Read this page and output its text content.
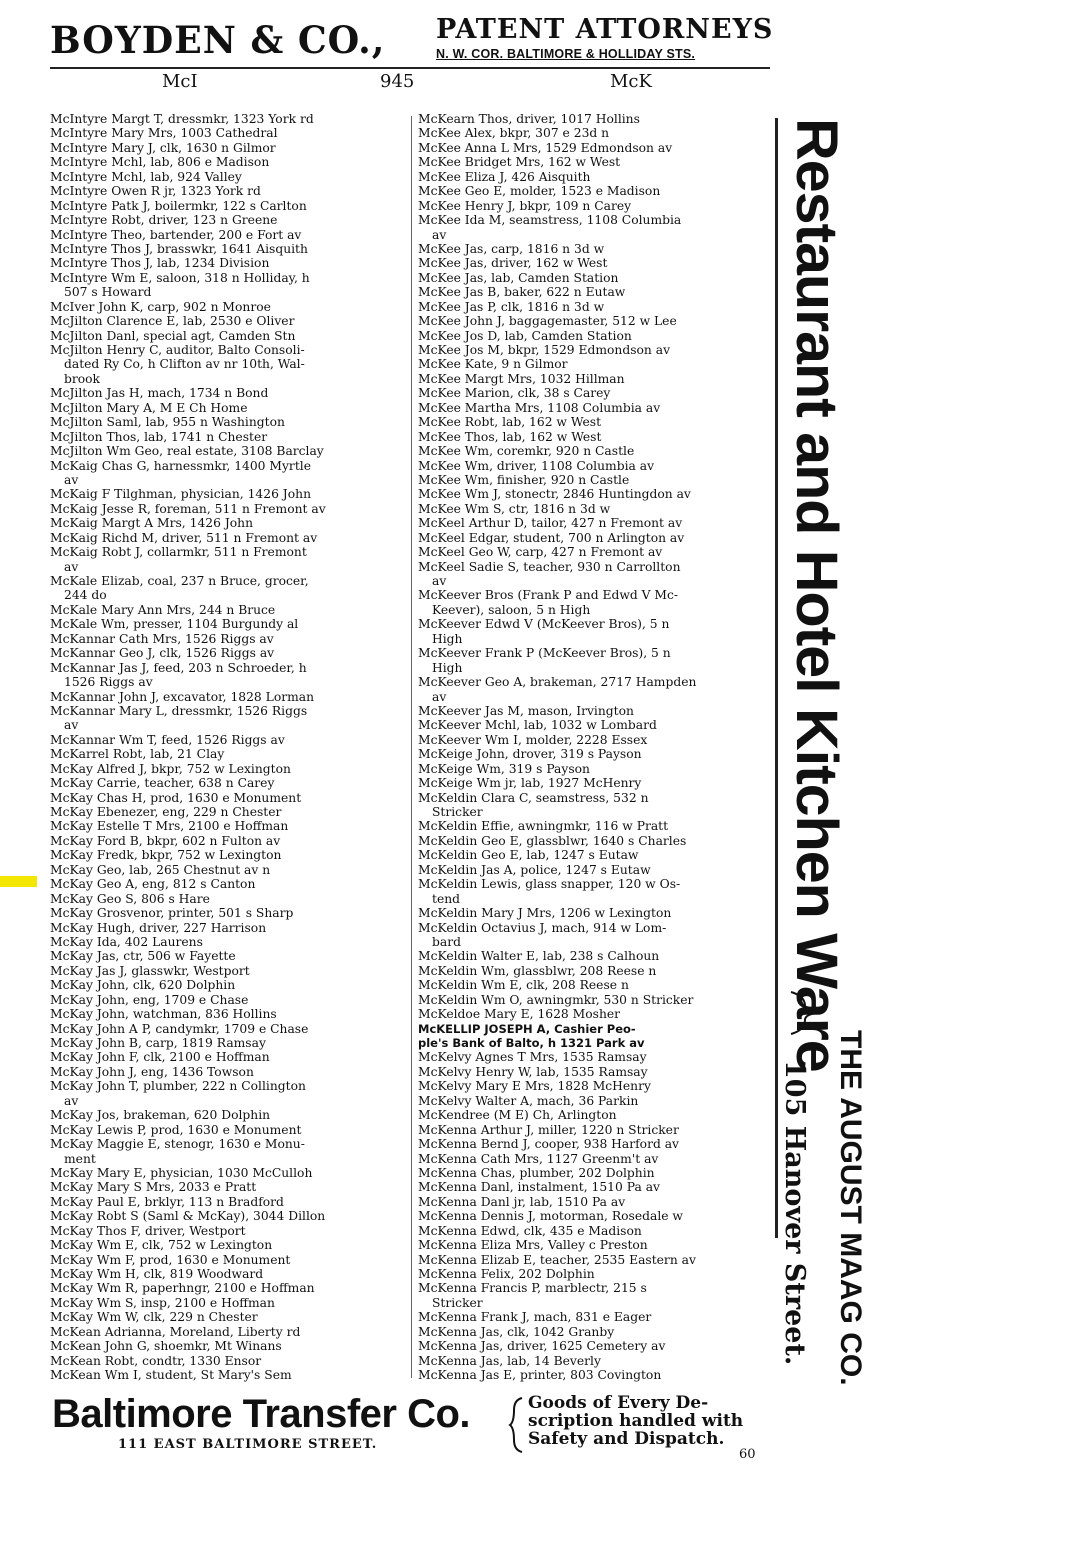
BOYDEN & CO., PATENT ATTORNEYS
N. W. COR. BALTIMORE & HOLLIDAY STS.
McI	945	McK
McIntyre Margt T, dressmkr, 1323 York rd
McIntyre Mary Mrs, 1003 Cathedral
McIntyre Mary J, clk, 1630 n Gilmor
McIntyre Mchl, lab, 806 e Madison
McIntyre Mchl, lab, 924 Valley
McIntyre Owen R jr, 1323 York rd
McIntyre Patk J, boilermkr, 122 s Carlton
McIntyre Robt, driver, 123 n Greene
McIntyre Theo, bartender, 200 e Fort av
McIntyre Thos J, brasswkr, 1641 Aisquith
McIntyre Thos J, lab, 1234 Division
McIntyre Wm E, saloon, 318 n Holliday, h
507 s Howard
McIver John K, carp, 902 n Monroe
McJilton Clarence E, lab, 2530 e Oliver
McJilton Danl, special agt, Camden Stn
McJilton Henry C, auditor, Balto Consoli-
dated Ry Co, h Clifton av nr 10th, Wal-
brook
McJilton Jas H, mach, 1734 n Bond
McJilton Mary A, M E Ch Home
McJilton Saml, lab, 955 n Washington
McJilton Thos, lab, 1741 n Chester
McJilton Wm Geo, real estate, 3108 Barclay
McKaig Chas G, harnessmkr, 1400 Myrtle
av
McKaig F Tilghman, physician, 1426 John
McKaig Jesse R, foreman, 511 n Fremont av
McKaig Margt A Mrs, 1426 John
McKaig Richd M, driver, 511 n Fremont av
McKaig Robt J, collarmkr, 511 n Fremont
av
McKale Elizab, coal, 237 n Bruce, grocer,
244 do
McKale Mary Ann Mrs, 244 n Bruce
McKale Wm, presser, 1104 Burgundy al
McKannar Cath Mrs, 1526 Riggs av
McKannar Geo J, clk, 1526 Riggs av
McKannar Jas J, feed, 203 n Schroeder, h
1526 Riggs av
McKannar John J, excavator, 1828 Lorman
McKannar Mary L, dressmkr, 1526 Riggs
av
McKannar Wm T, feed, 1526 Riggs av
McKarrel Robt, lab, 21 Clay
McKay Alfred J, bkpr, 752 w Lexington
McKay Carrie, teacher, 638 n Carey
McKay Chas H, prod, 1630 e Monument
McKay Ebenezer, eng, 229 n Chester
McKay Estelle T Mrs, 2100 e Hoffman
McKay Ford B, bkpr, 602 n Fulton av
McKay Fredk, bkpr, 752 w Lexington
McKay Geo, lab, 265 Chestnut av n
McKay Geo A, eng, 812 s Canton
McKay Geo S, 806 s Hare
McKay Grosvenor, printer, 501 s Sharp
McKay Hugh, driver, 227 Harrison
McKay Ida, 402 Laurens
McKay Jas, ctr, 506 w Fayette
McKay Jas J, glasswkr, Westport
McKay John, clk, 620 Dolphin
McKay John, eng, 1709 e Chase
McKay John, watchman, 836 Hollins
McKay John A P, candymkr, 1709 e Chase
McKay John B, carp, 1819 Ramsay
McKay John F, clk, 2100 e Hoffman
McKay John J, eng, 1436 Towson
McKay John T, plumber, 222 n Collington
av
McKay Jos, brakeman, 620 Dolphin
McKay Lewis P, prod, 1630 e Monument
McKay Maggie E, stenogr, 1630 e Monu-
ment
McKay Mary E, physician, 1030 McCulloh
McKay Mary S Mrs, 2033 e Pratt
McKay Paul E, brklyr, 113 n Bradford
McKay Robt S (Saml & McKay), 3044 Dillon
McKay Thos F, driver, Westport
McKay Wm E, clk, 752 w Lexington
McKay Wm F, prod, 1630 e Monument
McKay Wm H, clk, 819 Woodward
McKay Wm R, paperhngr, 2100 e Hoffman
McKay Wm S, insp, 2100 e Hoffman
McKay Wm W, clk, 229 n Chester
McKean Adrianna, Moreland, Liberty rd
McKean John G, shoemkr, Mt Winans
McKean Robt, condtr, 1330 Ensor
McKean Wm I, student, St Mary's Sem
McKearn Thos, driver, 1017 Hollins
McKee Alex, bkpr, 307 e 23d n
McKee Anna L Mrs, 1529 Edmondson av
McKee Bridget Mrs, 162 w West
McKee Eliza J, 426 Aisquith
McKee Geo E, molder, 1523 e Madison
McKee Henry J, bkpr, 109 n Carey
McKee Ida M, seamstress, 1108 Columbia
av
McKee Jas, carp, 1816 n 3d w
McKee Jas, driver, 162 w West
McKee Jas, lab, Camden Station
McKee Jas B, baker, 622 n Eutaw
McKee Jas P, clk, 1816 n 3d w
McKee John J, baggagemaster, 512 w Lee
McKee Jos D, lab, Camden Station
McKee Jos M, bkpr, 1529 Edmondson av
McKee Kate, 9 n Gilmor
McKee Margt Mrs, 1032 Hillman
McKee Marion, clk, 38 s Carey
McKee Martha Mrs, 1108 Columbia av
McKee Robt, lab, 162 w West
McKee Thos, lab, 162 w West
McKee Wm, coremkr, 920 n Castle
McKee Wm, driver, 1108 Columbia av
McKee Wm, finisher, 920 n Castle
McKee Wm J, stonectr, 2846 Huntingdon av
McKee Wm S, ctr, 1816 n 3d w
McKeel Arthur D, tailor, 427 n Fremont av
McKeel Edgar, student, 700 n Arlington av
McKeel Geo W, carp, 427 n Fremont av
McKeel Sadie S, teacher, 930 n Carrollton
av
McKeever Bros (Frank P and Edwd V Mc-
Keever), saloon, 5 n High
McKeever Edwd V (McKeever Bros), 5 n
High
McKeever Frank P (McKeever Bros), 5 n
High
McKeever Geo A, brakeman, 2717 Hampden
av
McKeever Jas M, mason, Irvington
McKeever Mchl, lab, 1032 w Lombard
McKeever Wm I, molder, 2228 Essex
McKeige John, drover, 319 s Payson
McKeige Wm, 319 s Payson
McKeige Wm jr, lab, 1927 McHenry
McKeldin Clara C, seamstress, 532 n
Stricker
McKeldin Effie, awningmkr, 116 w Pratt
McKeldin Geo E, glassblwr, 1640 s Charles
McKeldin Geo E, lab, 1247 s Eutaw
McKeldin Jas A, police, 1247 s Eutaw
McKeldin Lewis, glass snapper, 120 w Os-
tend
McKeldin Mary J Mrs, 1206 w Lexington
McKeldin Octavius J, mach, 914 w Lom-
bard
McKeldin Walter E, lab, 238 s Calhoun
McKeldin Wm, glassblwr, 208 Reese n
McKeldin Wm E, clk, 208 Reese n
McKeldin Wm O, awningmkr, 530 n Stricker
McKeldoe Mary E, 1628 Mosher
McKELLIP JOSEPH A, Cashier Peo-
ple's Bank of Balto, h 1321 Park av
McKelvy Agnes T Mrs, 1535 Ramsay
McKelvy Henry W, lab, 1535 Ramsay
McKelvy Mary E Mrs, 1828 McHenry
McKelvy Walter A, mach, 36 Parkin
McKendree (M E) Ch, Arlington
McKenna Arthur J, miller, 1220 n Stricker
McKenna Bernd J, cooper, 938 Harford av
McKenna Cath Mrs, 1127 Greenm't av
McKenna Chas, plumber, 202 Dolphin
McKenna Danl, instalment, 1510 Pa av
McKenna Danl jr, lab, 1510 Pa av
McKenna Dennis J, motorman, Rosedale w
McKenna Edwd, clk, 435 e Madison
McKenna Eliza Mrs, Valley c Preston
McKenna Elizab E, teacher, 2535 Eastern av
McKenna Felix, 202 Dolphin
McKenna Francis P, marblectr, 215 s
Stricker
McKenna Frank J, mach, 831 e Eager
McKenna Jas, clk, 1042 Granby
McKenna Jas, driver, 1625 Cemetery av
McKenna Jas, lab, 14 Beverly
McKenna Jas E, printer, 803 Covington
Restaurant and Hotel Kitchen Ware
THE AUGUST MAAG CO.
105 Hanover Street.
Baltimore Transfer Co.
111 EAST BALTIMORE STREET.
Goods of Every De-
scription handled with
Safety and Dispatch.
60
